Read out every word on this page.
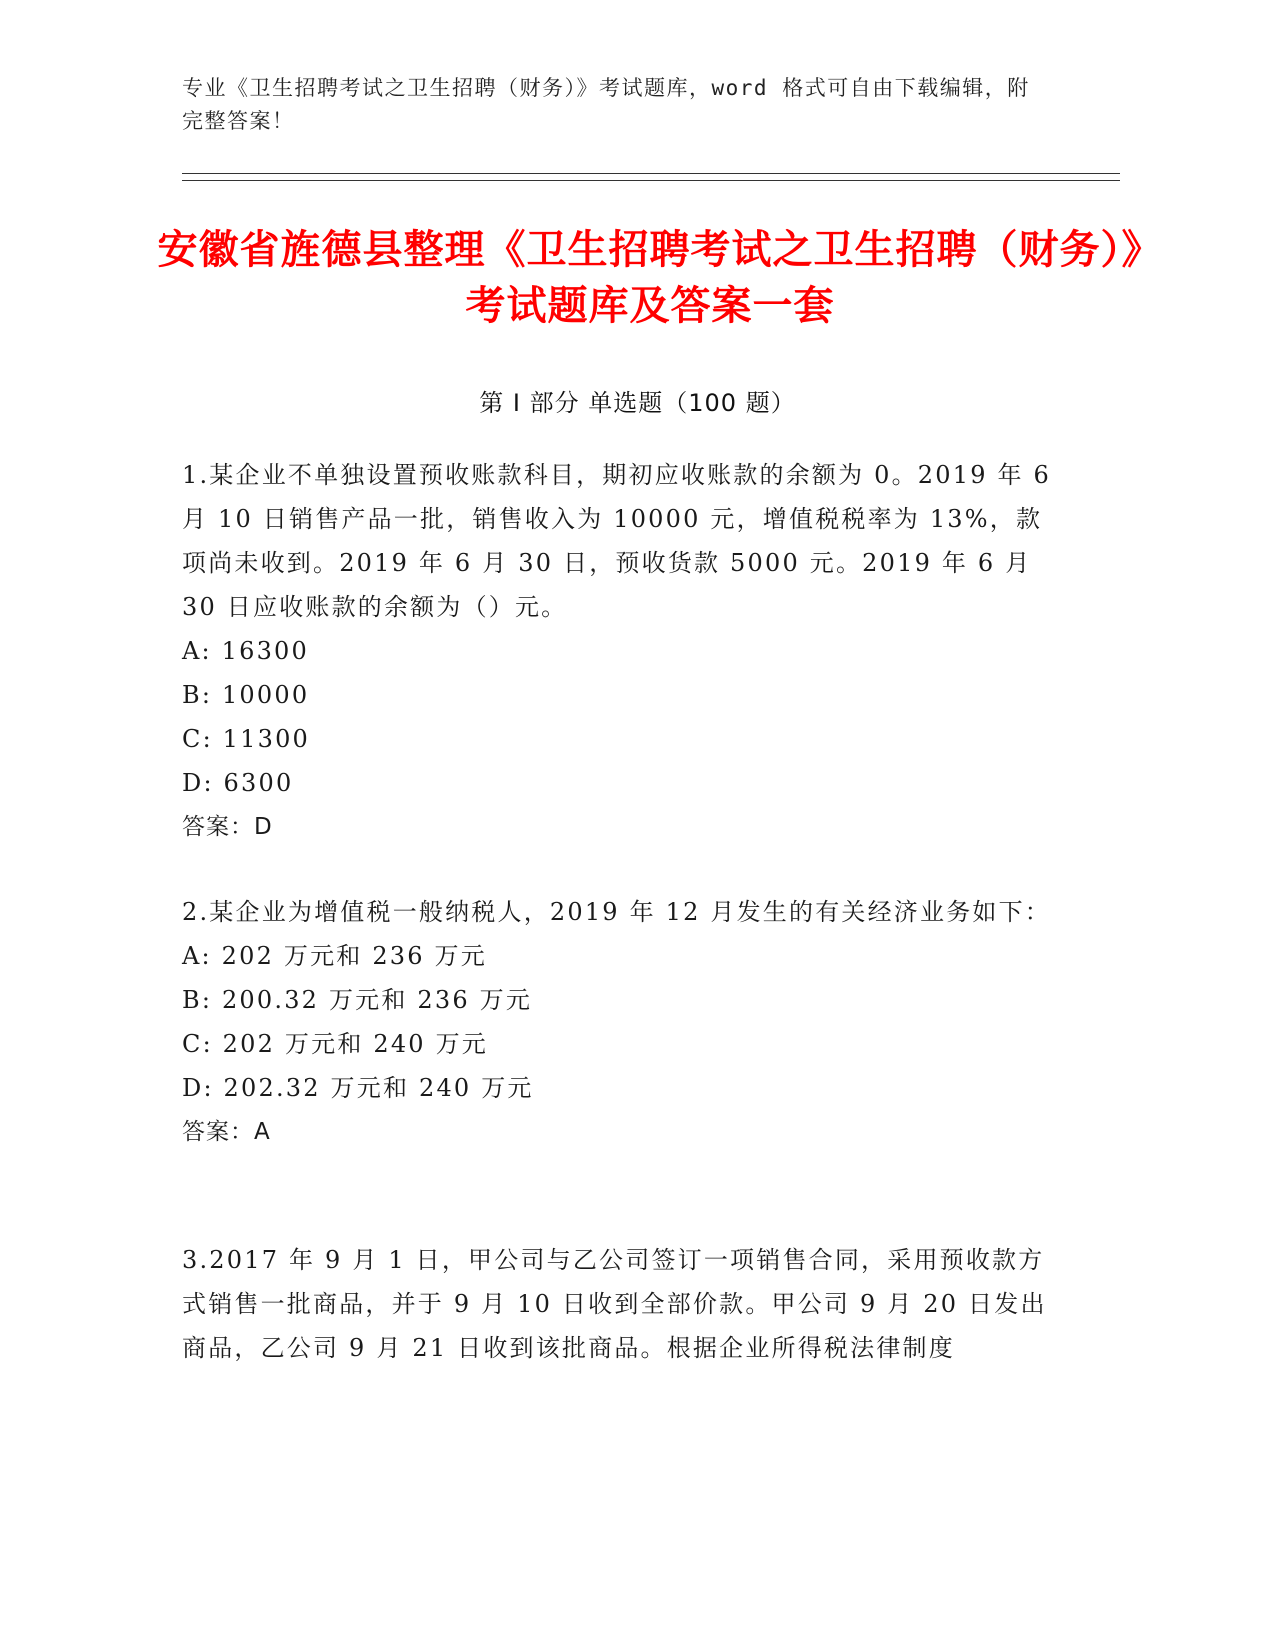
专业《卫生招聘考试之卫生招聘（财务）》考试题库，word 格式可自由下载编辑，附完整答案！
安徽省旌德县整理《卫生招聘考试之卫生招聘（财务）》考试题库及答案一套
第 I 部分 单选题（100 题）

1.某企业不单独设置预收账款科目，期初应收账款的余额为 0。2019 年 6 月 10 日销售产品一批，销售收入为 10000 元，增值税税率为 13%，款项尚未收到。2019 年 6 月 30 日，预收货款 5000 元。2019 年 6 月 30 日应收账款的余额为（）元。

A: 16300

B: 10000

C: 11300

D: 6300

答案：D

2.某企业为增值税一般纳税人，2019 年 12 月发生的有关经济业务如下：

A: 202 万元和 236 万元

B: 200.32 万元和 236 万元

C: 202 万元和 240 万元

D: 202.32 万元和 240 万元

答案：A

3.2017 年 9 月 1 日，甲公司与乙公司签订一项销售合同，采用预收款方式销售一批商品，并于 9 月 10 日收到全部价款。甲公司 9 月 20 日发出商品，乙公司 9 月 21 日收到该批商品。根据企业所得税法律制度
